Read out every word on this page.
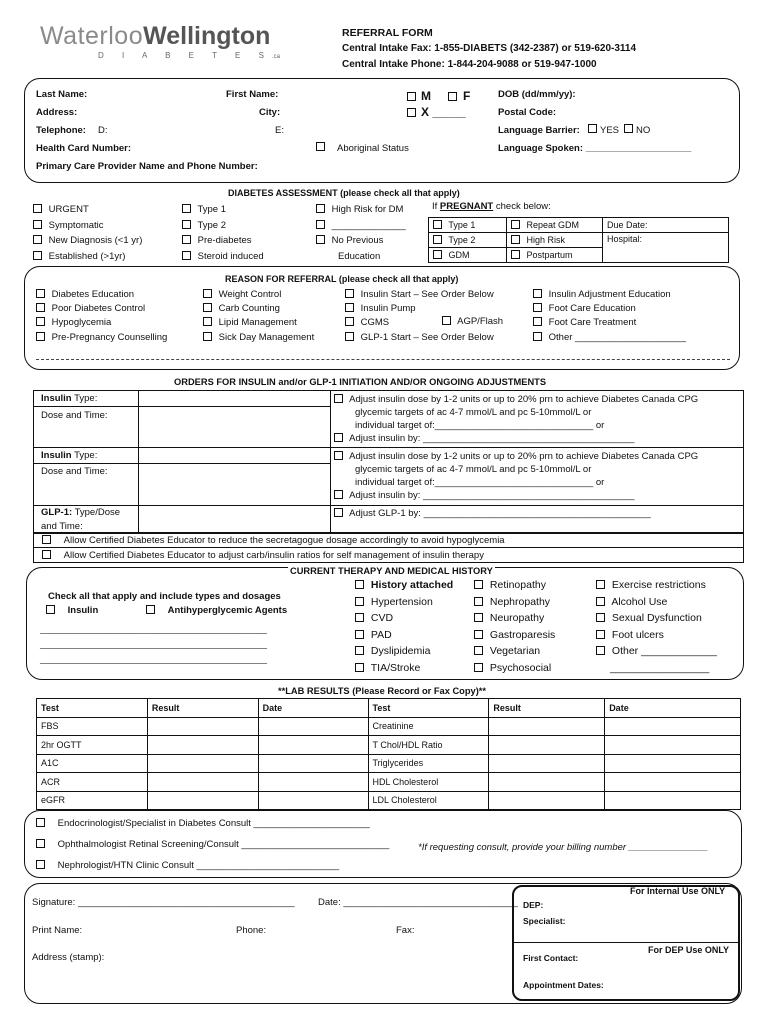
WaterlooWellington
D I A B E T E S.ca
REFERRAL FORM
Central Intake Fax: 1-855-DIABETS (342-2387) or 519-620-3114
Central Intake Phone: 1-844-204-9088 or 519-947-1000
Last Name:	First Name:	M	F
X _____
DOB (dd/mm/yy):
Address:	City:	Postal Code:
Telephone: D:	E:	Language Barrier: YES NO
Health Card Number:	Aboriginal Status	Language Spoken: ____________________
Primary Care Provider Name and Phone Number:
DIABETES ASSESSMENT (please check all that apply)
URGENT
Symptomatic
New Diagnosis (<1 yr)
Established (>1yr)
Type 1
Type 2
Pre-diabetes
Steroid induced
High Risk for DM
______________
No Previous
Education
If PREGNANT check below:
Type 1	Repeat GDM	Due Date:
Type 2	High Risk	Hospital:
GDM	Postpartum	
REASON FOR REFERRAL (please check all that apply)
Diabetes Education
Poor Diabetes Control
Hypoglycemia
Pre-Pregnancy Counselling
Weight Control
Carb Counting
Lipid Management
Sick Day Management
Insulin Start – See Order Below
Insulin Pump
CGMS
GLP-1 Start – See Order Below
AGP/Flash
Insulin Adjustment Education
Foot Care Education
Foot Care Treatment
Other _____________________
ORDERS FOR INSULIN and/or GLP-1 INITIATION AND/OR ONGOING ADJUSTMENTS
Insulin Type:
Dose and Time:
Insulin Type:
Dose and Time:
GLP-1: Type/Dose
and Time:
Adjust insulin dose by 1-2 units or up to 20% prn to achieve Diabetes Canada CPG
glycemic targets of ac 4-7 mmol/L and pc 5-10mmol/L or
individual target of:______________________________ or
Adjust insulin by: ________________________________________
Adjust insulin dose by 1-2 units or up to 20% prn to achieve Diabetes Canada CPG
glycemic targets of ac 4-7 mmol/L and pc 5-10mmol/L or
individual target of:______________________________ or
Adjust insulin by: ________________________________________
Adjust GLP-1 by: ___________________________________________
Allow Certified Diabetes Educator to reduce the secretagogue dosage accordingly to avoid hypoglycemia
Allow Certified Diabetes Educator to adjust carb/insulin ratios for self management of insulin therapy
CURRENT THERAPY AND MEDICAL HISTORY
Check all that apply and include types and dosages
Insulin	Antihyperglycemic Agents
________________________________________________
________________________________________________
________________________________________________
History attached
Hypertension
CVD
PAD
Dyslipidemia
TIA/Stroke
Retinopathy
Nephropathy
Neuropathy
Gastroparesis
Vegetarian
Psychosocial
Exercise restrictions
Alcohol Use
Sexual Dysfunction
Foot ulcers
Other _____________
_________________
**LAB RESULTS (Please Record or Fax Copy)**
Test	Result	Date	Test	Result	Date
FBS			Creatinine		
2hr OGTT			T Chol/HDL Ratio		
A1C			Triglycerides		
ACR			HDL Cholesterol		
eGFR			LDL Cholesterol		
Endocrinologist/Specialist in Diabetes Consult ______________________
Ophthalmologist Retinal Screening/Consult ____________________________	*If requesting consult, provide your billing number _______________
Nephrologist/HTN Clinic Consult ___________________________
Signature: _________________________________________ Date: _________________________________
Print Name:	Phone:	Fax:
Address (stamp):
For Internal Use ONLY
DEP:
Specialist:
For DEP Use ONLY
First Contact:
Appointment Dates:
